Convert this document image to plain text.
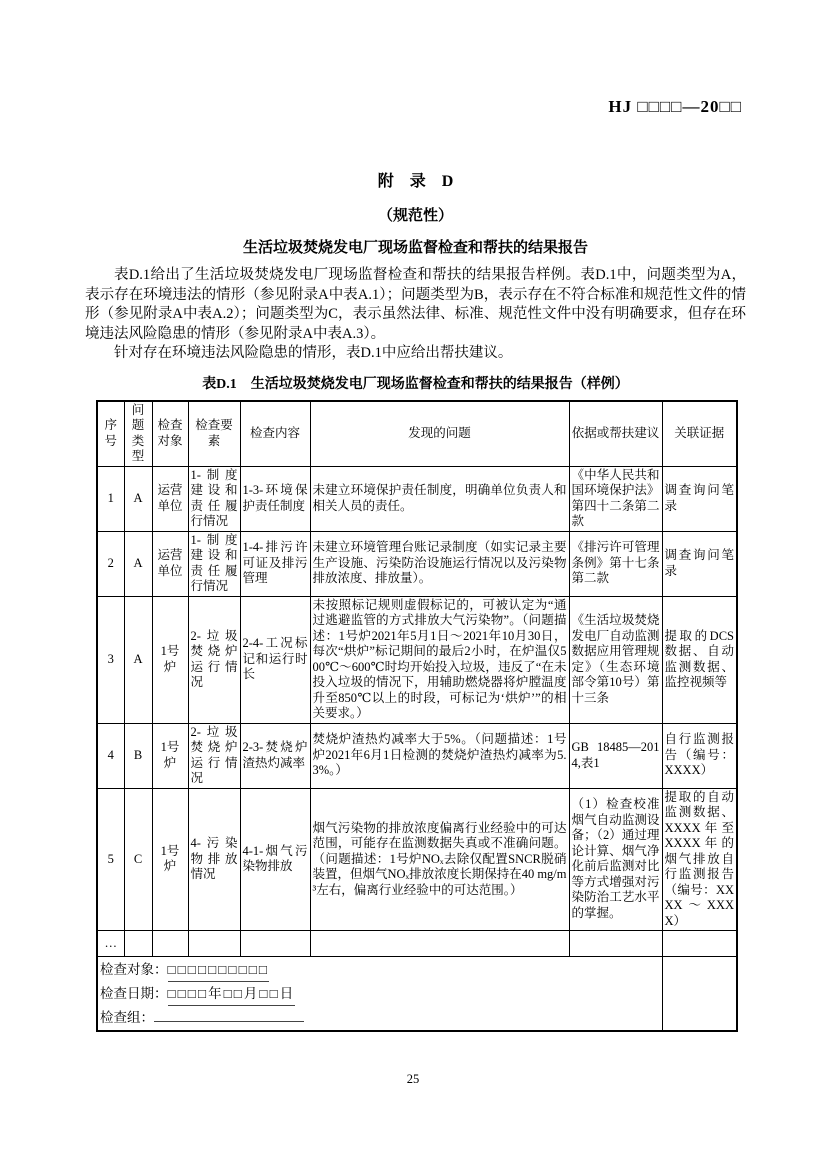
HJ □□□□—20□□
附　录　D
（规范性）
生活垃圾焚烧发电厂现场监督检查和帮扶的结果报告

表D.1给出了生活垃圾焚烧发电厂现场监督检查和帮扶的结果报告样例。表D.1中，问题类型为A，表示存在环境违法的情形（参见附录A中表A.1）；问题类型为B，表示存在不符合标准和规范性文件的情形（参见附录A中表A.2）；问题类型为C，表示虽然法律、标准、规范性文件中没有明确要求，但存在环境违法风险隐患的情形（参见附录A中表A.3）。

针对存在环境违法风险隐患的情形，表D.1中应给出帮扶建议。

表D.1　生活垃圾焚烧发电厂现场监督检查和帮扶的结果报告（样例）
序号	问题类型	检查对象	检查要素	检查内容	发现的问题	依据或帮扶建议	关联证据
1	A	运营单位	1-制度建设和责任履行情况	1-3-环境保护责任制度	未建立环境保护责任制度，明确单位负责人和相关人员的责任。	《中华人民共和国环境保护法》第四十二条第二款	调查询问笔录
2	A	运营单位	1-制度建设和责任履行情况	1-4-排污许可证及排污管理	未建立环境管理台账记录制度（如实记录主要生产设施、污染防治设施运行情况以及污染物排放浓度、排放量）。	《排污许可管理条例》第十七条第二款	调查询问笔录
3	A	1号炉	2-垃圾焚烧炉运行情况	2-4-工况标记和运行时长	未按照标记规则虚假标记的，可被认定为“通过逃避监管的方式排放大气污染物”。（问题描述：1号炉2021年5月1日～2021年10月30日，每次“烘炉”标记期间的最后2小时，在炉温仅500℃～600℃时均开始投入垃圾，违反了“在未投入垃圾的情况下，用辅助燃烧器将炉膛温度升至850℃以上的时段，可标记为‘烘炉’”的相关要求。）	《生活垃圾焚烧发电厂自动监测数据应用管理规定》（生态环境部令第10号）第十三条	提取的DCS数据、自动监测数据、监控视频等
4	B	1号炉	2-垃圾焚烧炉运行情况	2-3-焚烧炉渣热灼减率	焚烧炉渣热灼减率大于5%。（问题描述：1号炉2021年6月1日检测的焚烧炉渣热灼减率为5.3%。）	GB 18485—2014,表1	自行监测报告（编号：XXXX）
5	C	1号炉	4-污染物排放情况	4-1-烟气污染物排放	烟气污染物的排放浓度偏离行业经验中的可达范围，可能存在监测数据失真或不准确问题。（问题描述：1号炉NOₓ去除仅配置SNCR脱硝装置，但烟气NOₓ排放浓度长期保持在40 mg/m³左右，偏离行业经验中的可达范围。）	（1）检查校准烟气自动监测设备；（2）通过理论计算、烟气净化前后监测对比等方式增强对污染防治工艺水平的掌握。	提取的自动监测数据、XXXX年至XXXX年的烟气排放自行监测报告（编号：XXXX～XXXX）
…							

检查对象：□□□□□□□□□□
检查日期：□□□□年□□月□□日
检查组：							

25
